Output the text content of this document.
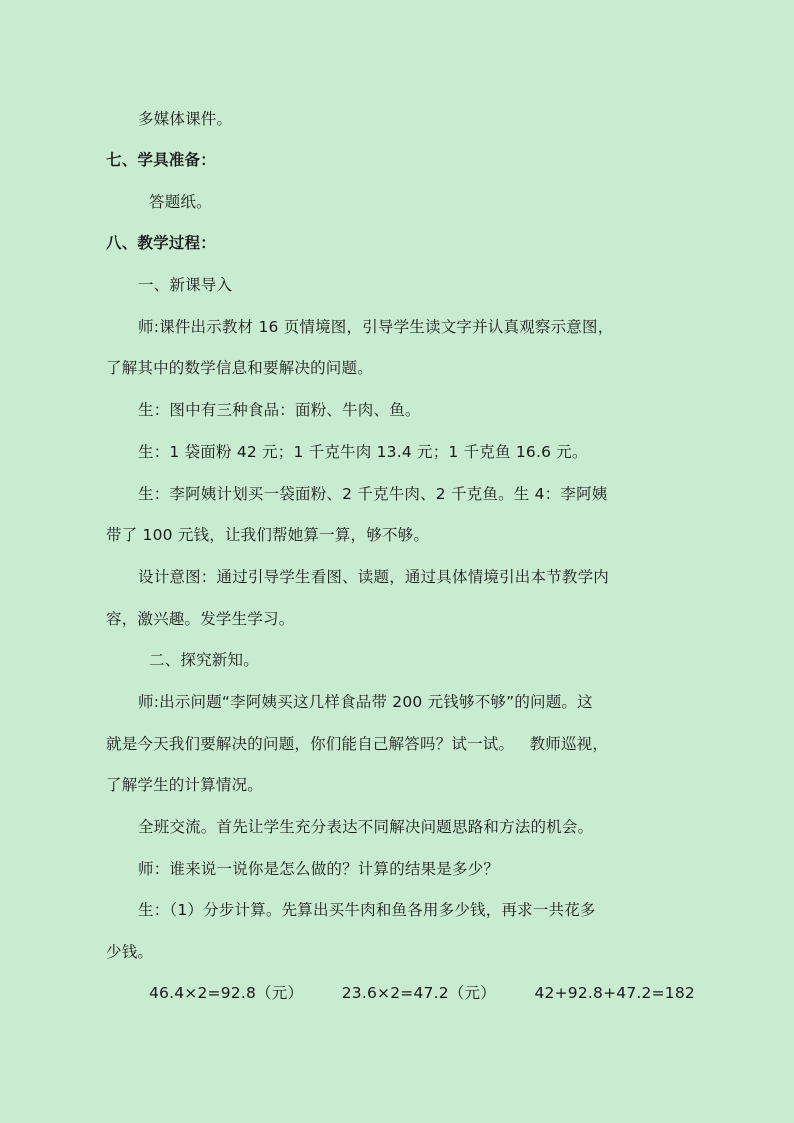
多媒体课件。
七、学具准备：
答题纸。
八、教学过程：
一、新课导入
师:课件出示教材 16 页情境图，引导学生读文字并认真观察示意图，
了解其中的数学信息和要解决的问题。
生：图中有三种食品：面粉、牛肉、鱼。
生：1 袋面粉 42 元；1 千克牛肉 13.4 元；1 千克鱼 16.6 元。
生：李阿姨计划买一袋面粉、2 千克牛肉、2 千克鱼。生 4：李阿姨
带了 100 元钱，让我们帮她算一算，够不够。
设计意图：通过引导学生看图、读题，通过具体情境引出本节教学内
容，激兴趣。发学生学习。
二、探究新知。
师:出示问题“李阿姨买这几样食品带 200 元钱够不够”的问题。这
就是今天我们要解决的问题，你们能自己解答吗？试一试。   教师巡视，
了解学生的计算情况。
全班交流。首先让学生充分表达不同解决问题思路和方法的机会。
师：谁来说一说你是怎么做的？计算的结果是多少？
生：（1）分步计算。先算出买牛肉和鱼各用多少钱，再求一共花多
少钱。
46.4×2=92.8（元） 23.6×2=47.2（元） 42+92.8+47.2=182
